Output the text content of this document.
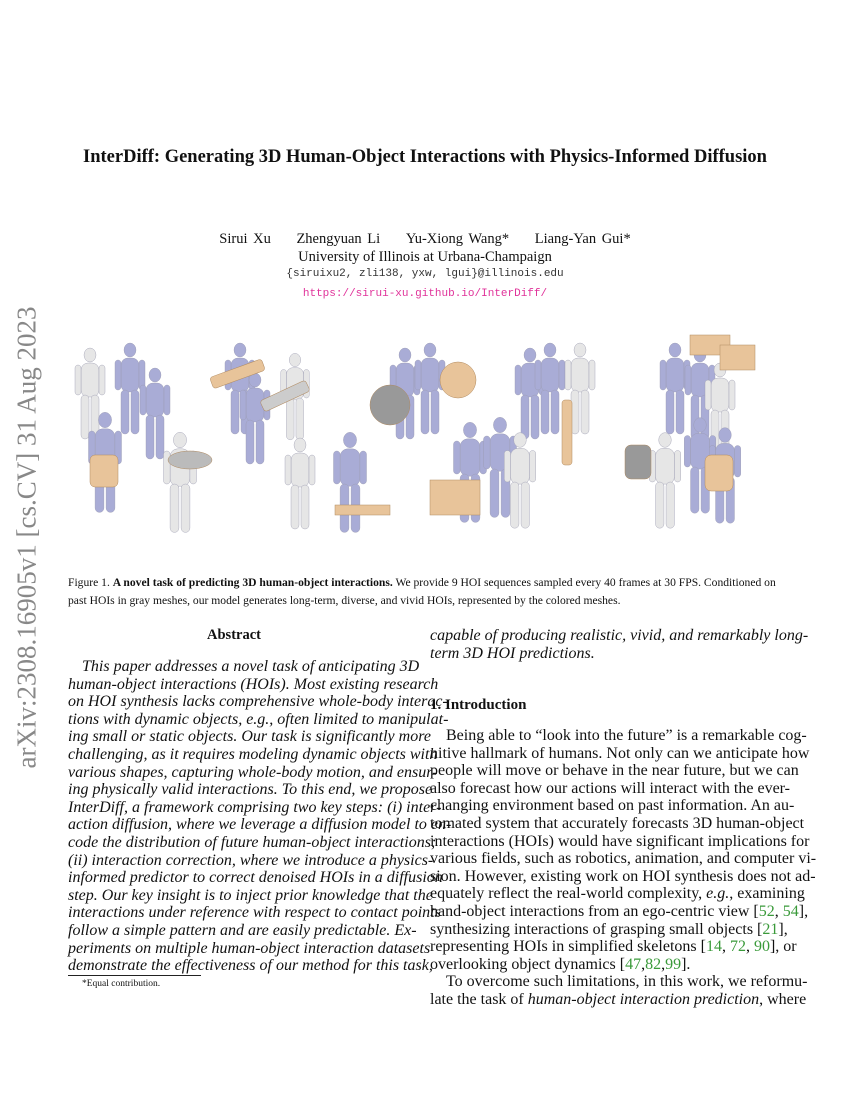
arXiv:2308.16905v1 [cs.CV] 31 Aug 2023
InterDiff: Generating 3D Human-Object Interactions with Physics-Informed Diffusion
Sirui Xu Zhengyuan Li Yu-Xiong Wang* Liang-Yan Gui*
University of Illinois at Urbana-Champaign
{siruixu2, zli138, yxw, lgui}@illinois.edu
https://sirui-xu.github.io/InterDiff/
Figure 1. A novel task of predicting 3D human-object interactions. We provide 9 HOI sequences sampled every 40 frames at 30 FPS. Conditioned on past HOIs in gray meshes, our model generates long-term, diverse, and vivid HOIs, represented by the colored meshes.
Abstract
*Equal contribution.
1. Introduction
This paper addresses a novel task of anticipating 3D
human-object interactions (HOIs). Most existing research
on HOI synthesis lacks comprehensive whole-body interac-
tions with dynamic objects, e.g., often limited to manipulat-
ing small or static objects. Our task is significantly more
challenging, as it requires modeling dynamic objects with
various shapes, capturing whole-body motion, and ensur-
ing physically valid interactions. To this end, we propose
InterDiff, a framework comprising two key steps: (i) inter-
action diffusion, where we leverage a diffusion model to en-
code the distribution of future human-object interactions;
(ii) interaction correction, where we introduce a physics-
informed predictor to correct denoised HOIs in a diffusion
step. Our key insight is to inject prior knowledge that the
interactions under reference with respect to contact points
follow a simple pattern and are easily predictable. Ex-
periments on multiple human-object interaction datasets
demonstrate the effectiveness of our method for this task,
capable of producing realistic, vivid, and remarkably long-
term 3D HOI predictions.
Being able to “look into the future” is a remarkable cog-
nitive hallmark of humans. Not only can we anticipate how
people will move or behave in the near future, but we can
also forecast how our actions will interact with the ever-
changing environment based on past information. An au-
tomated system that accurately forecasts 3D human-object
interactions (HOIs) would have significant implications for
various fields, such as robotics, animation, and computer vi-
sion. However, existing work on HOI synthesis does not ad-
equately reflect the real-world complexity, e.g., examining
hand-object interactions from an ego-centric view [52, 54],
synthesizing interactions of grasping small objects [21],
representing HOIs in simplified skeletons [14, 72, 90], or
overlooking object dynamics [47,82,99].
To overcome such limitations, in this work, we reformu-
late the task of human-object interaction prediction, where
